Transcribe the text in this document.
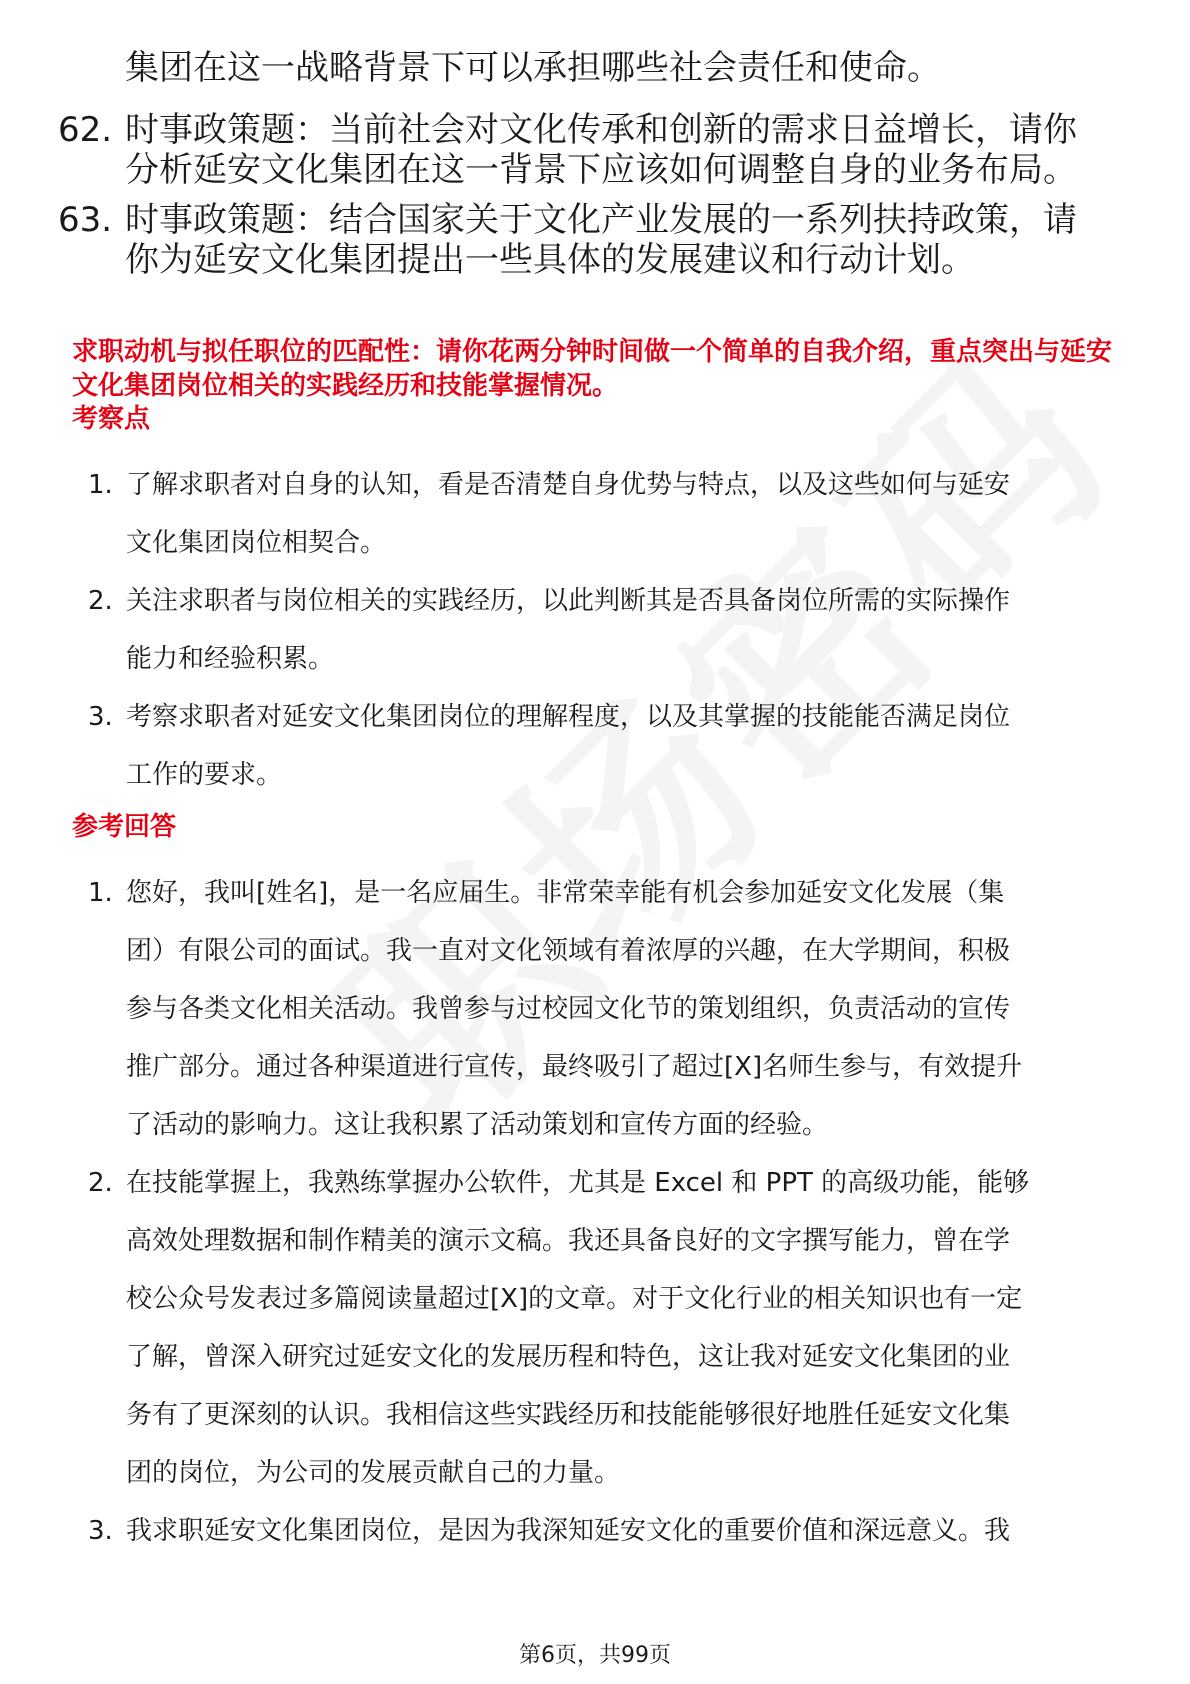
集团在这一战略背景下可以承担哪些社会责任和使命。
62. 时事政策题：当前社会对文化传承和创新的需求日益增长，请你
分析延安文化集团在这一背景下应该如何调整自身的业务布局。
63. 时事政策题：结合国家关于文化产业发展的一系列扶持政策，请
你为延安文化集团提出一些具体的发展建议和行动计划。
求职动机与拟任职位的匹配性：请你花两分钟时间做一个简单的自我介绍，重点突出与延安文化集团岗位相关的实践经历和技能掌握情况。
考察点
1. 了解求职者对自身的认知，看是否清楚自身优势与特点，以及这些如何与延安
文化集团岗位相契合。
2. 关注求职者与岗位相关的实践经历，以此判断其是否具备岗位所需的实际操作
能力和经验积累。
3. 考察求职者对延安文化集团岗位的理解程度，以及其掌握的技能能否满足岗位
工作的要求。
参考回答
1. 您好，我叫[姓名]，是一名应届生。非常荣幸能有机会参加延安文化发展（集
团）有限公司的面试。我一直对文化领域有着浓厚的兴趣，在大学期间，积极
参与各类文化相关活动。我曾参与过校园文化节的策划组织，负责活动的宣传
推广部分。通过各种渠道进行宣传，最终吸引了超过[X]名师生参与，有效提升
了活动的影响力。这让我积累了活动策划和宣传方面的经验。
2. 在技能掌握上，我熟练掌握办公软件，尤其是 Excel 和 PPT 的高级功能，能够
高效处理数据和制作精美的演示文稿。我还具备良好的文字撰写能力，曾在学
校公众号发表过多篇阅读量超过[X]的文章。对于文化行业的相关知识也有一定
了解，曾深入研究过延安文化的发展历程和特色，这让我对延安文化集团的业
务有了更深刻的认识。我相信这些实践经历和技能能够很好地胜任延安文化集
团的岗位，为公司的发展贡献自己的力量。
3. 我求职延安文化集团岗位，是因为我深知延安文化的重要价值和深远意义。我
第6页，共99页
